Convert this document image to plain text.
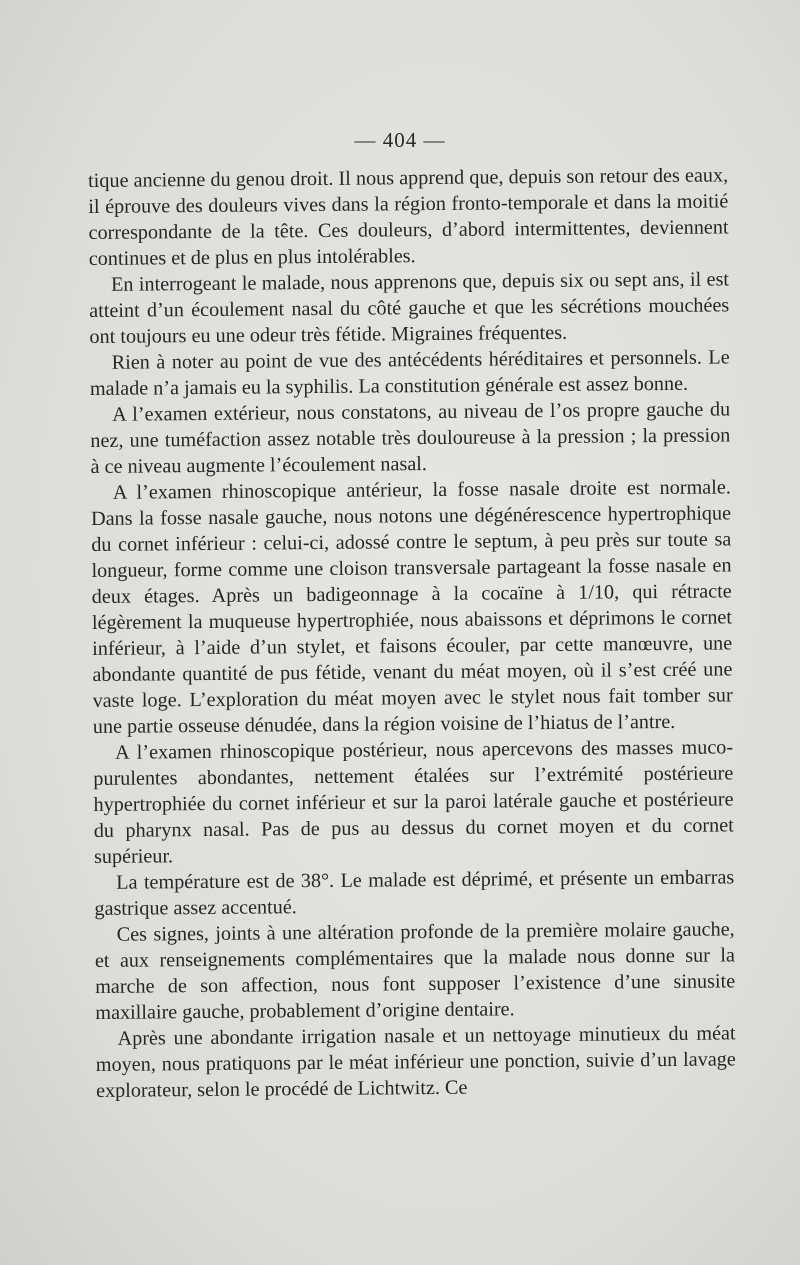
— 404 —

tique ancienne du genou droit. Il nous apprend que, depuis son retour des eaux, il éprouve des douleurs vives dans la région fronto-temporale et dans la moitié correspondante de la tête. Ces douleurs, d’abord intermittentes, deviennent continues et de plus en plus intolérables.

En interrogeant le malade, nous apprenons que, depuis six ou sept ans, il est atteint d’un écoulement nasal du côté gauche et que les sécrétions mouchées ont toujours eu une odeur très fétide. Migraines fréquentes.

Rien à noter au point de vue des antécédents héréditaires et personnels. Le malade n’a jamais eu la syphilis. La constitution générale est assez bonne.

A l’examen extérieur, nous constatons, au niveau de l’os propre gauche du nez, une tuméfaction assez notable très douloureuse à la pression ; la pression à ce niveau augmente l’écoulement nasal.

A l’examen rhinoscopique antérieur, la fosse nasale droite est normale. Dans la fosse nasale gauche, nous notons une dégénérescence hypertrophique du cornet inférieur : celui-ci, adossé contre le septum, à peu près sur toute sa longueur, forme comme une cloison transversale partageant la fosse nasale en deux étages. Après un badigeonnage à la cocaïne à 1/10, qui rétracte légèrement la muqueuse hypertrophiée, nous abaissons et déprimons le cornet inférieur, à l’aide d’un stylet, et faisons écouler, par cette manœuvre, une abondante quantité de pus fétide, venant du méat moyen, où il s’est créé une vaste loge. L’exploration du méat moyen avec le stylet nous fait tomber sur une partie osseuse dénudée, dans la région voisine de l’hiatus de l’antre.

A l’examen rhinoscopique postérieur, nous apercevons des masses muco-purulentes abondantes, nettement étalées sur l’extrémité postérieure hypertrophiée du cornet inférieur et sur la paroi latérale gauche et postérieure du pharynx nasal. Pas de pus au dessus du cornet moyen et du cornet supérieur.

La température est de 38°. Le malade est déprimé, et présente un embarras gastrique assez accentué.

Ces signes, joints à une altération profonde de la première molaire gauche, et aux renseignements complémentaires que la malade nous donne sur la marche de son affection, nous font supposer l’existence d’une sinusite maxillaire gauche, probablement d’origine dentaire.

Après une abondante irrigation nasale et un nettoyage minutieux du méat moyen, nous pratiquons par le méat inférieur une ponction, suivie d’un lavage explorateur, selon le procédé de Lichtwitz. Ce
